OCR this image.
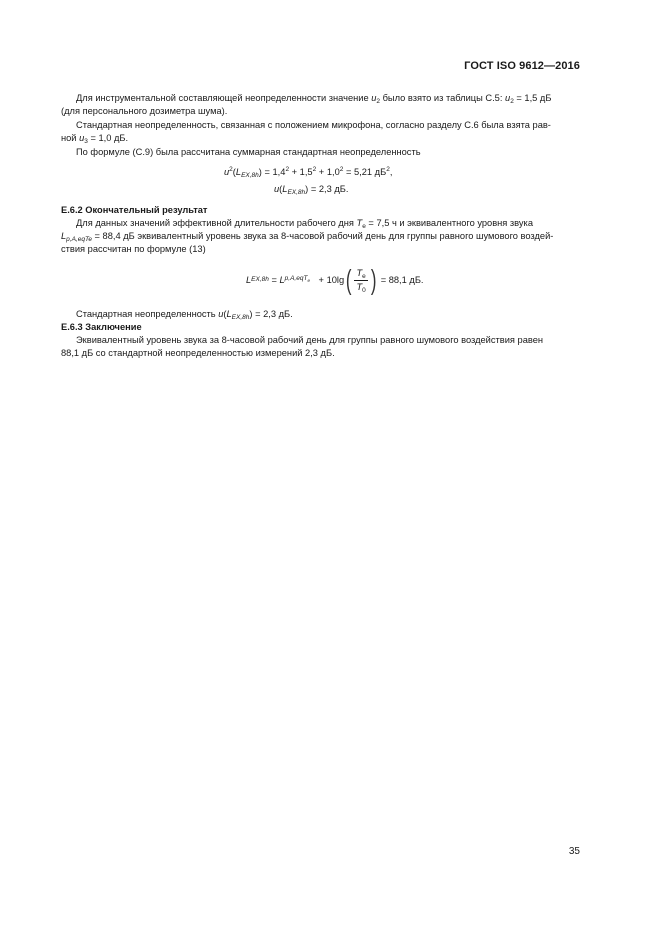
ГОСТ ISO 9612—2016

Для инструментальной составляющей неопределенности значение $u_2$ было взято из таблицы С.5: $u_2 = 1,5$ дБ

(для персонального дозиметра шума).

Стандартная неопределенность, связанная с положением микрофона, согласно разделу С.6 была взята рав-

ной $u_3 = 1,0$ дБ.

По формуле (С.9) была рассчитана суммарная стандартная неопределенность

$u^2(L_{EX,8h}) = 1,4^2 + 1,5^2 + 1,0^2 = 5,21$ $дБ^2$,
$u(L_{EX,8h}) = 2,3$ дБ.

Е.6.2 Окончательный результат

Для данных значений эффективной длительности рабочего дня $T_e = 7,5$ ч и эквивалентного уровня звука

$L_{p,A,eqTe} = 88,4$ дБ эквивалентный уровень звука за 8-часовой рабочий день для группы равного шумового воздей-

ствия рассчитан по формуле (13)

L EX,8h = L p,A,eqT$_e$ + 10lg ( $\frac{T_e}{T_0}$ ) = 88,1 дБ.

Стандартная неопределенность $u(L_{EX,8h}) = 2,3$ дБ.

Е.6.3 Заключение

Эквивалентный уровень звука за 8-часовой рабочий день для группы равного шумового воздействия равен

88,1 дБ со стандартной неопределенностью измерений 2,3 дБ.

35
